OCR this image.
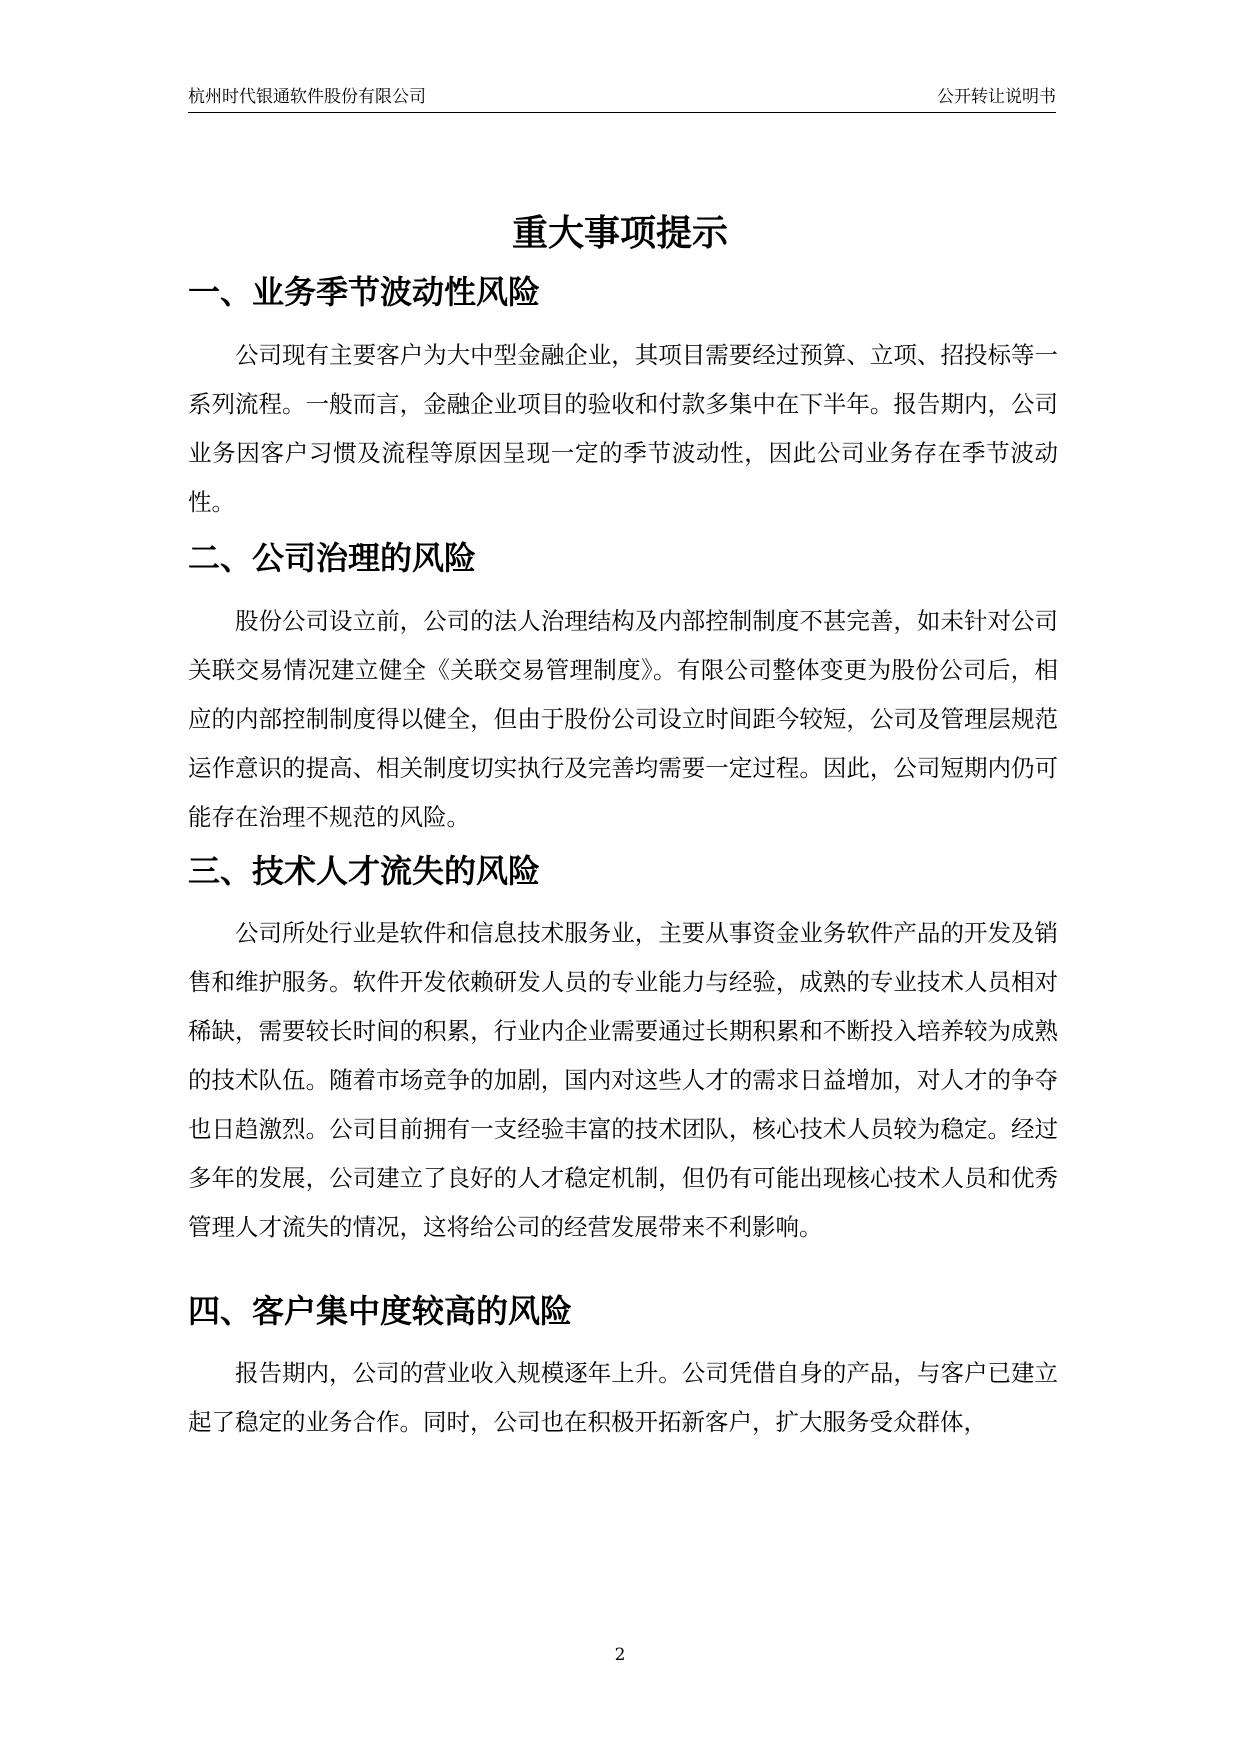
杭州时代银通软件股份有限公司	公开转让说明书
重大事项提示
一、业务季节波动性风险

公司现有主要客户为大中型金融企业，其项目需要经过预算、立项、招投标等一系列流程。一般而言，金融企业项目的验收和付款多集中在下半年。报告期内，公司业务因客户习惯及流程等原因呈现一定的季节波动性，因此公司业务存在季节波动性。

二、公司治理的风险

股份公司设立前，公司的法人治理结构及内部控制制度不甚完善，如未针对公司关联交易情况建立健全《关联交易管理制度》。有限公司整体变更为股份公司后，相应的内部控制制度得以健全，但由于股份公司设立时间距今较短，公司及管理层规范运作意识的提高、相关制度切实执行及完善均需要一定过程。因此，公司短期内仍可能存在治理不规范的风险。

三、技术人才流失的风险

公司所处行业是软件和信息技术服务业，主要从事资金业务软件产品的开发及销售和维护服务。软件开发依赖研发人员的专业能力与经验，成熟的专业技术人员相对稀缺，需要较长时间的积累，行业内企业需要通过长期积累和不断投入培养较为成熟的技术队伍。随着市场竞争的加剧，国内对这些人才的需求日益增加，对人才的争夺也日趋激烈。公司目前拥有一支经验丰富的技术团队，核心技术人员较为稳定。经过多年的发展，公司建立了良好的人才稳定机制，但仍有可能出现核心技术人员和优秀管理人才流失的情况，这将给公司的经营发展带来不利影响。

四、客户集中度较高的风险

报告期内，公司的营业收入规模逐年上升。公司凭借自身的产品，与客户已建立起了稳定的业务合作。同时，公司也在积极开拓新客户，扩大服务受众群体，

2
